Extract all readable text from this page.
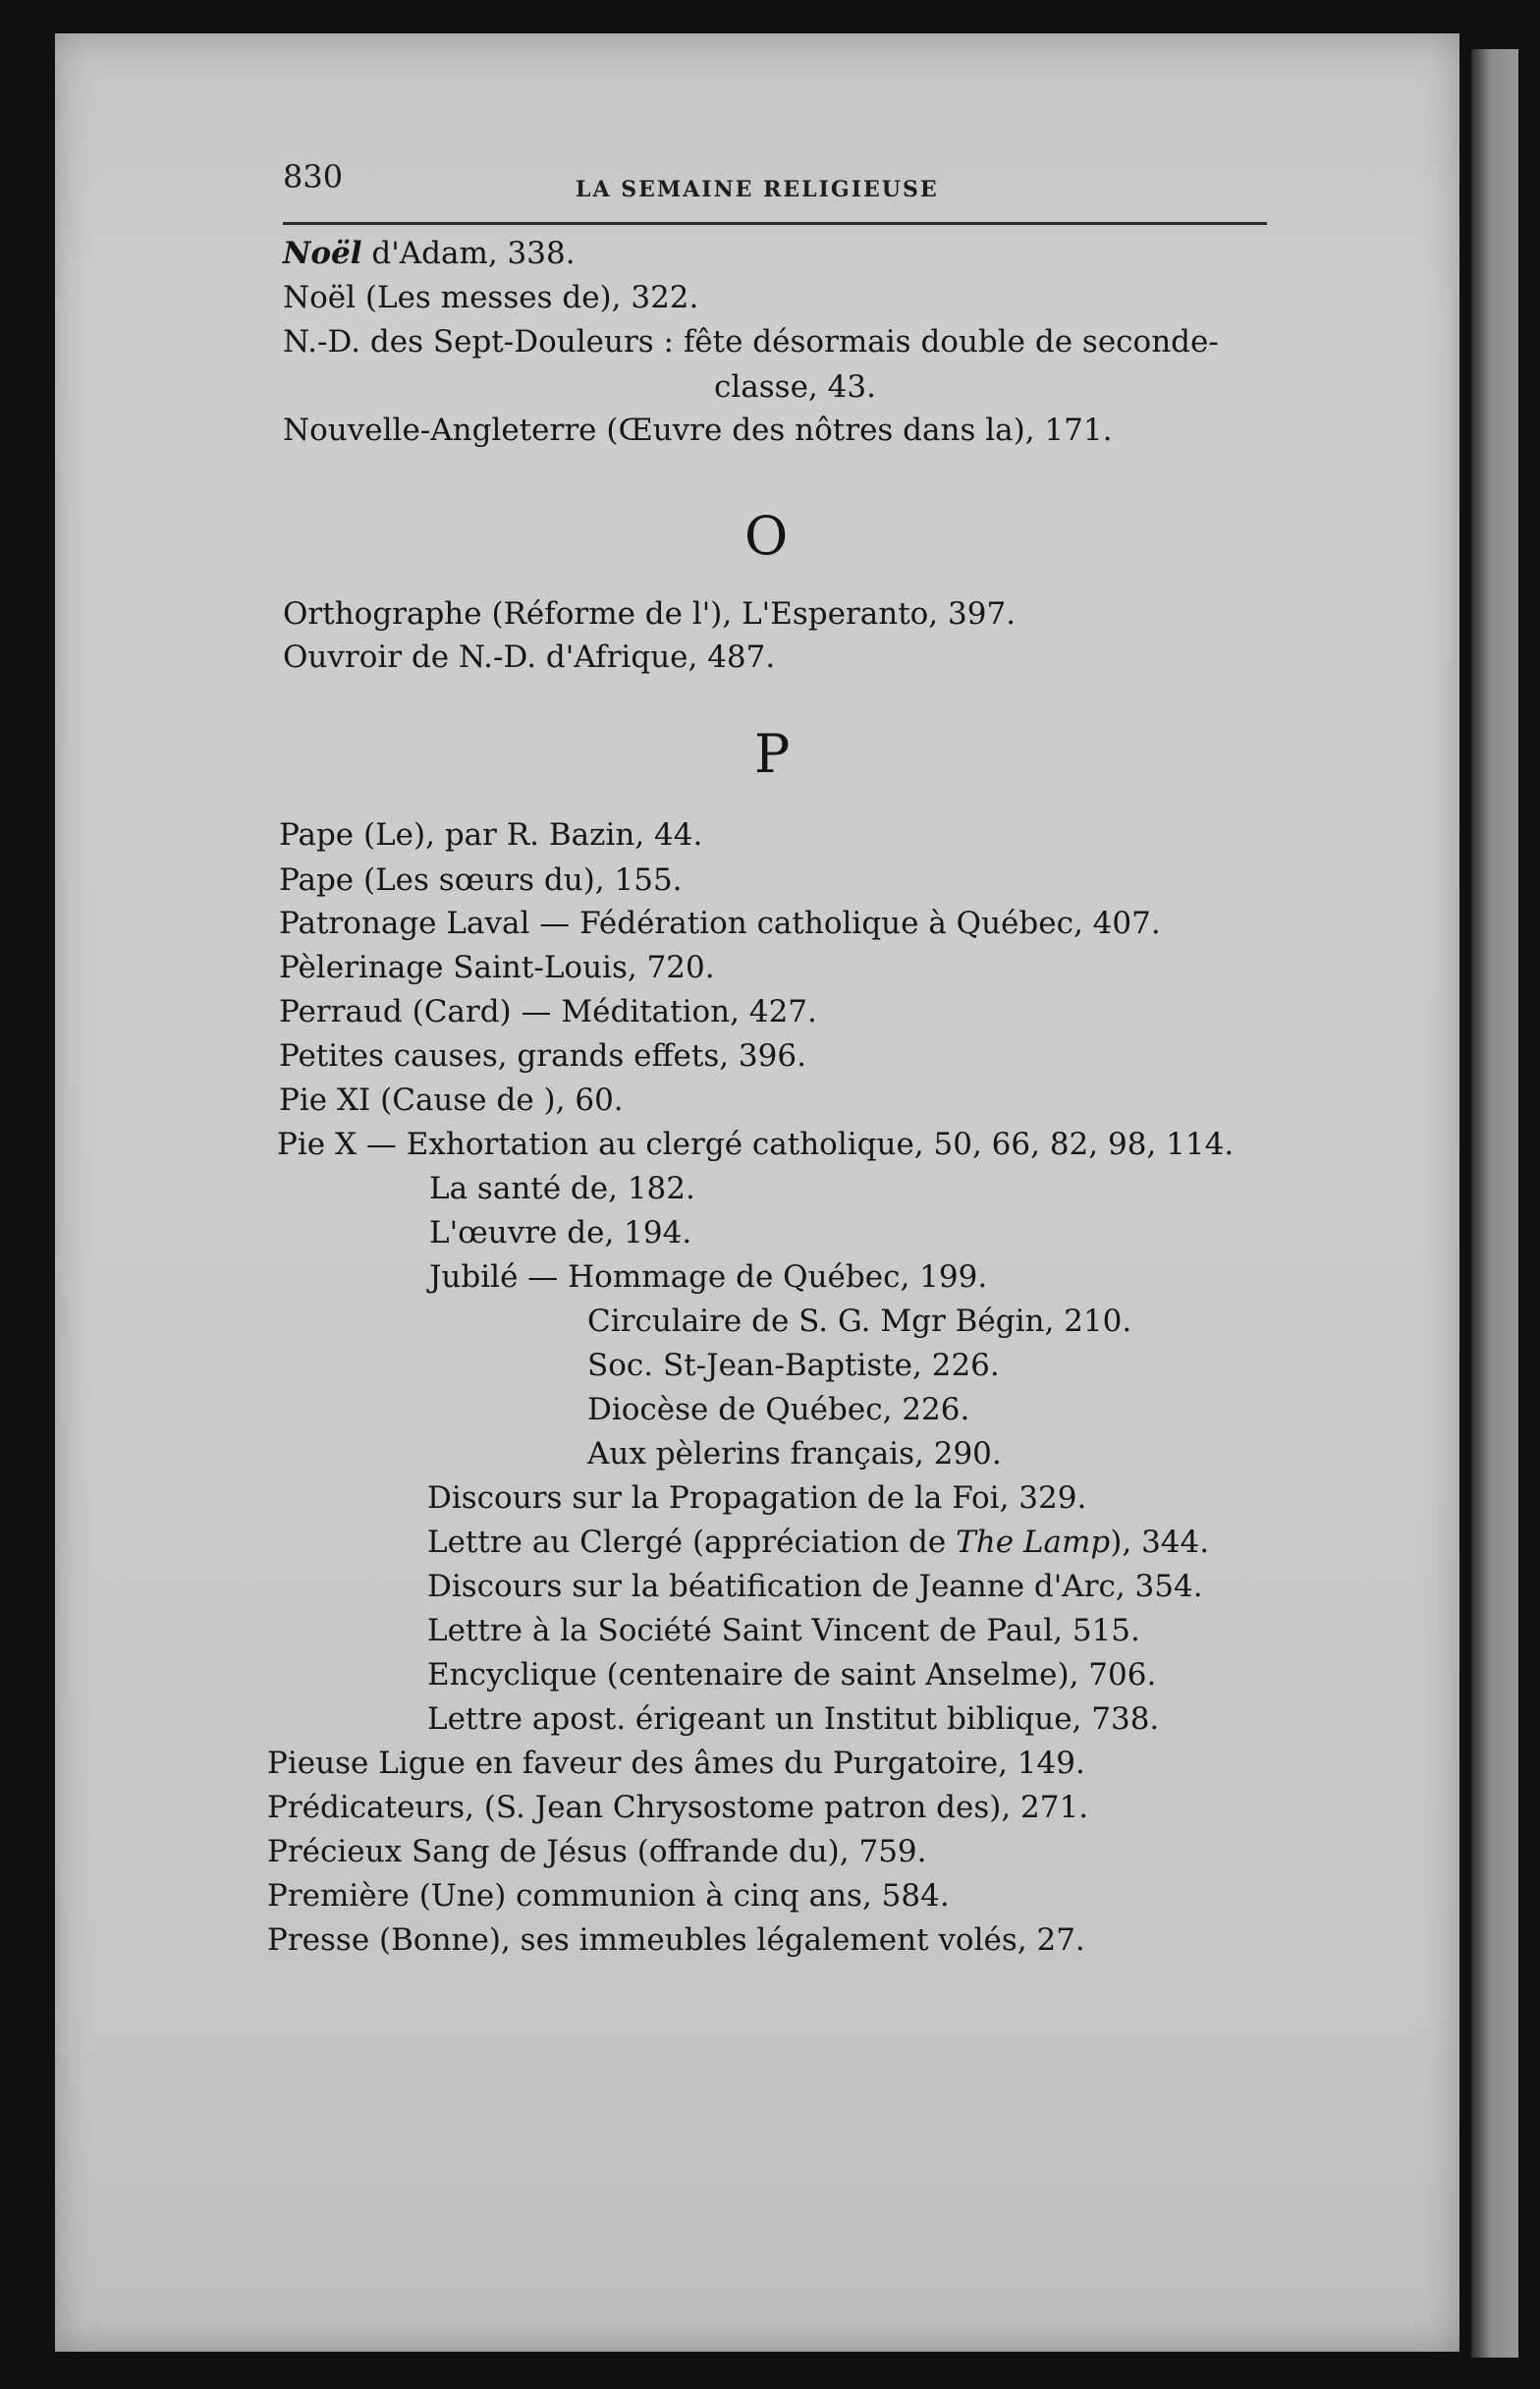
830	LA SEMAINE RELIGIEUSE
Noël d'Adam, 338.
Noël (Les messes de), 322.
N.-D. des Sept-Douleurs : fête désormais double de seconde-
classe, 43.
Nouvelle-Angleterre (Œuvre des nôtres dans la), 171.
O
Orthographe (Réforme de l'), L'Esperanto, 397.
Ouvroir de N.-D. d'Afrique, 487.
P
Pape (Le), par R. Bazin, 44.
Pape (Les sœurs du), 155.
Patronage Laval — Fédération catholique à Québec, 407.
Pèlerinage Saint-Louis, 720.
Perraud (Card) — Méditation, 427.
Petites causes, grands effets, 396.
Pie XI (Cause de ), 60.
Pie X — Exhortation au clergé catholique, 50, 66, 82, 98, 114.
La santé de, 182.
L'œuvre de, 194.
Jubilé — Hommage de Québec, 199.
Circulaire de S. G. Mgr Bégin, 210.
Soc. St-Jean-Baptiste, 226.
Diocèse de Québec, 226.
Aux pèlerins français, 290.
Discours sur la Propagation de la Foi, 329.
Lettre au Clergé (appréciation de The Lamp), 344.
Discours sur la béatification de Jeanne d'Arc, 354.
Lettre à la Société Saint Vincent de Paul, 515.
Encyclique (centenaire de saint Anselme), 706.
Lettre apost. érigeant un Institut biblique, 738.
Pieuse Ligue en faveur des âmes du Purgatoire, 149.
Prédicateurs, (S. Jean Chrysostome patron des), 271.
Précieux Sang de Jésus (offrande du), 759.
Première (Une) communion à cinq ans, 584.
Presse (Bonne), ses immeubles légalement volés, 27.
